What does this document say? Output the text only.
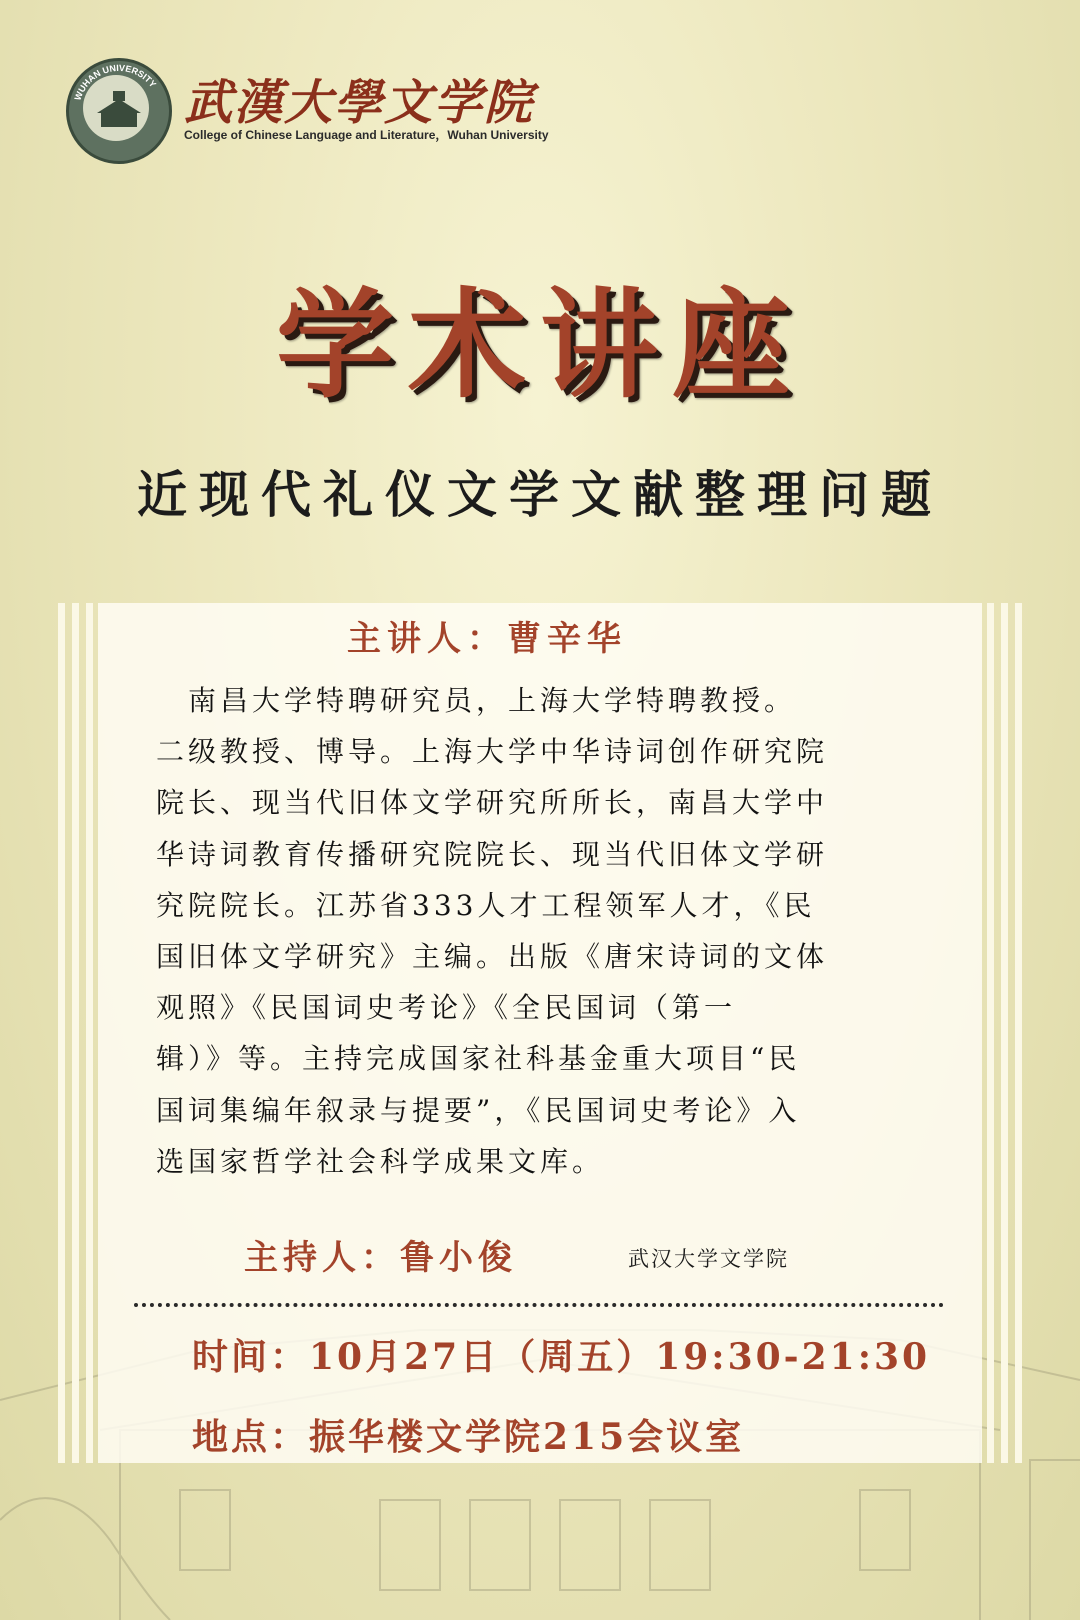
WUHAN UNIVERSITY 武漢大學文学院
College of Chinese Language and Literature，Wuhan University
学术讲座
近现代礼仪文学文献整理问题
主讲人：曹辛华
　南昌大学特聘研究员，上海大学特聘教授。
二级教授、博导。上海大学中华诗词创作研究院
院长、现当代旧体文学研究所所长，南昌大学中
华诗词教育传播研究院院长、现当代旧体文学研
究院院长。江苏省333人才工程领军人才，《民
国旧体文学研究》主编。出版《唐宋诗词的文体
观照》《民国词史考论》《全民国词（第一
辑）》等。主持完成国家社科基金重大项目“民
国词集编年叙录与提要”，《民国词史考论》入
选国家哲学社会科学成果文库。
主持人：鲁小俊	武汉大学文学院
时间：10月27日（周五）19:30-21:30
地点：振华楼文学院215会议室
